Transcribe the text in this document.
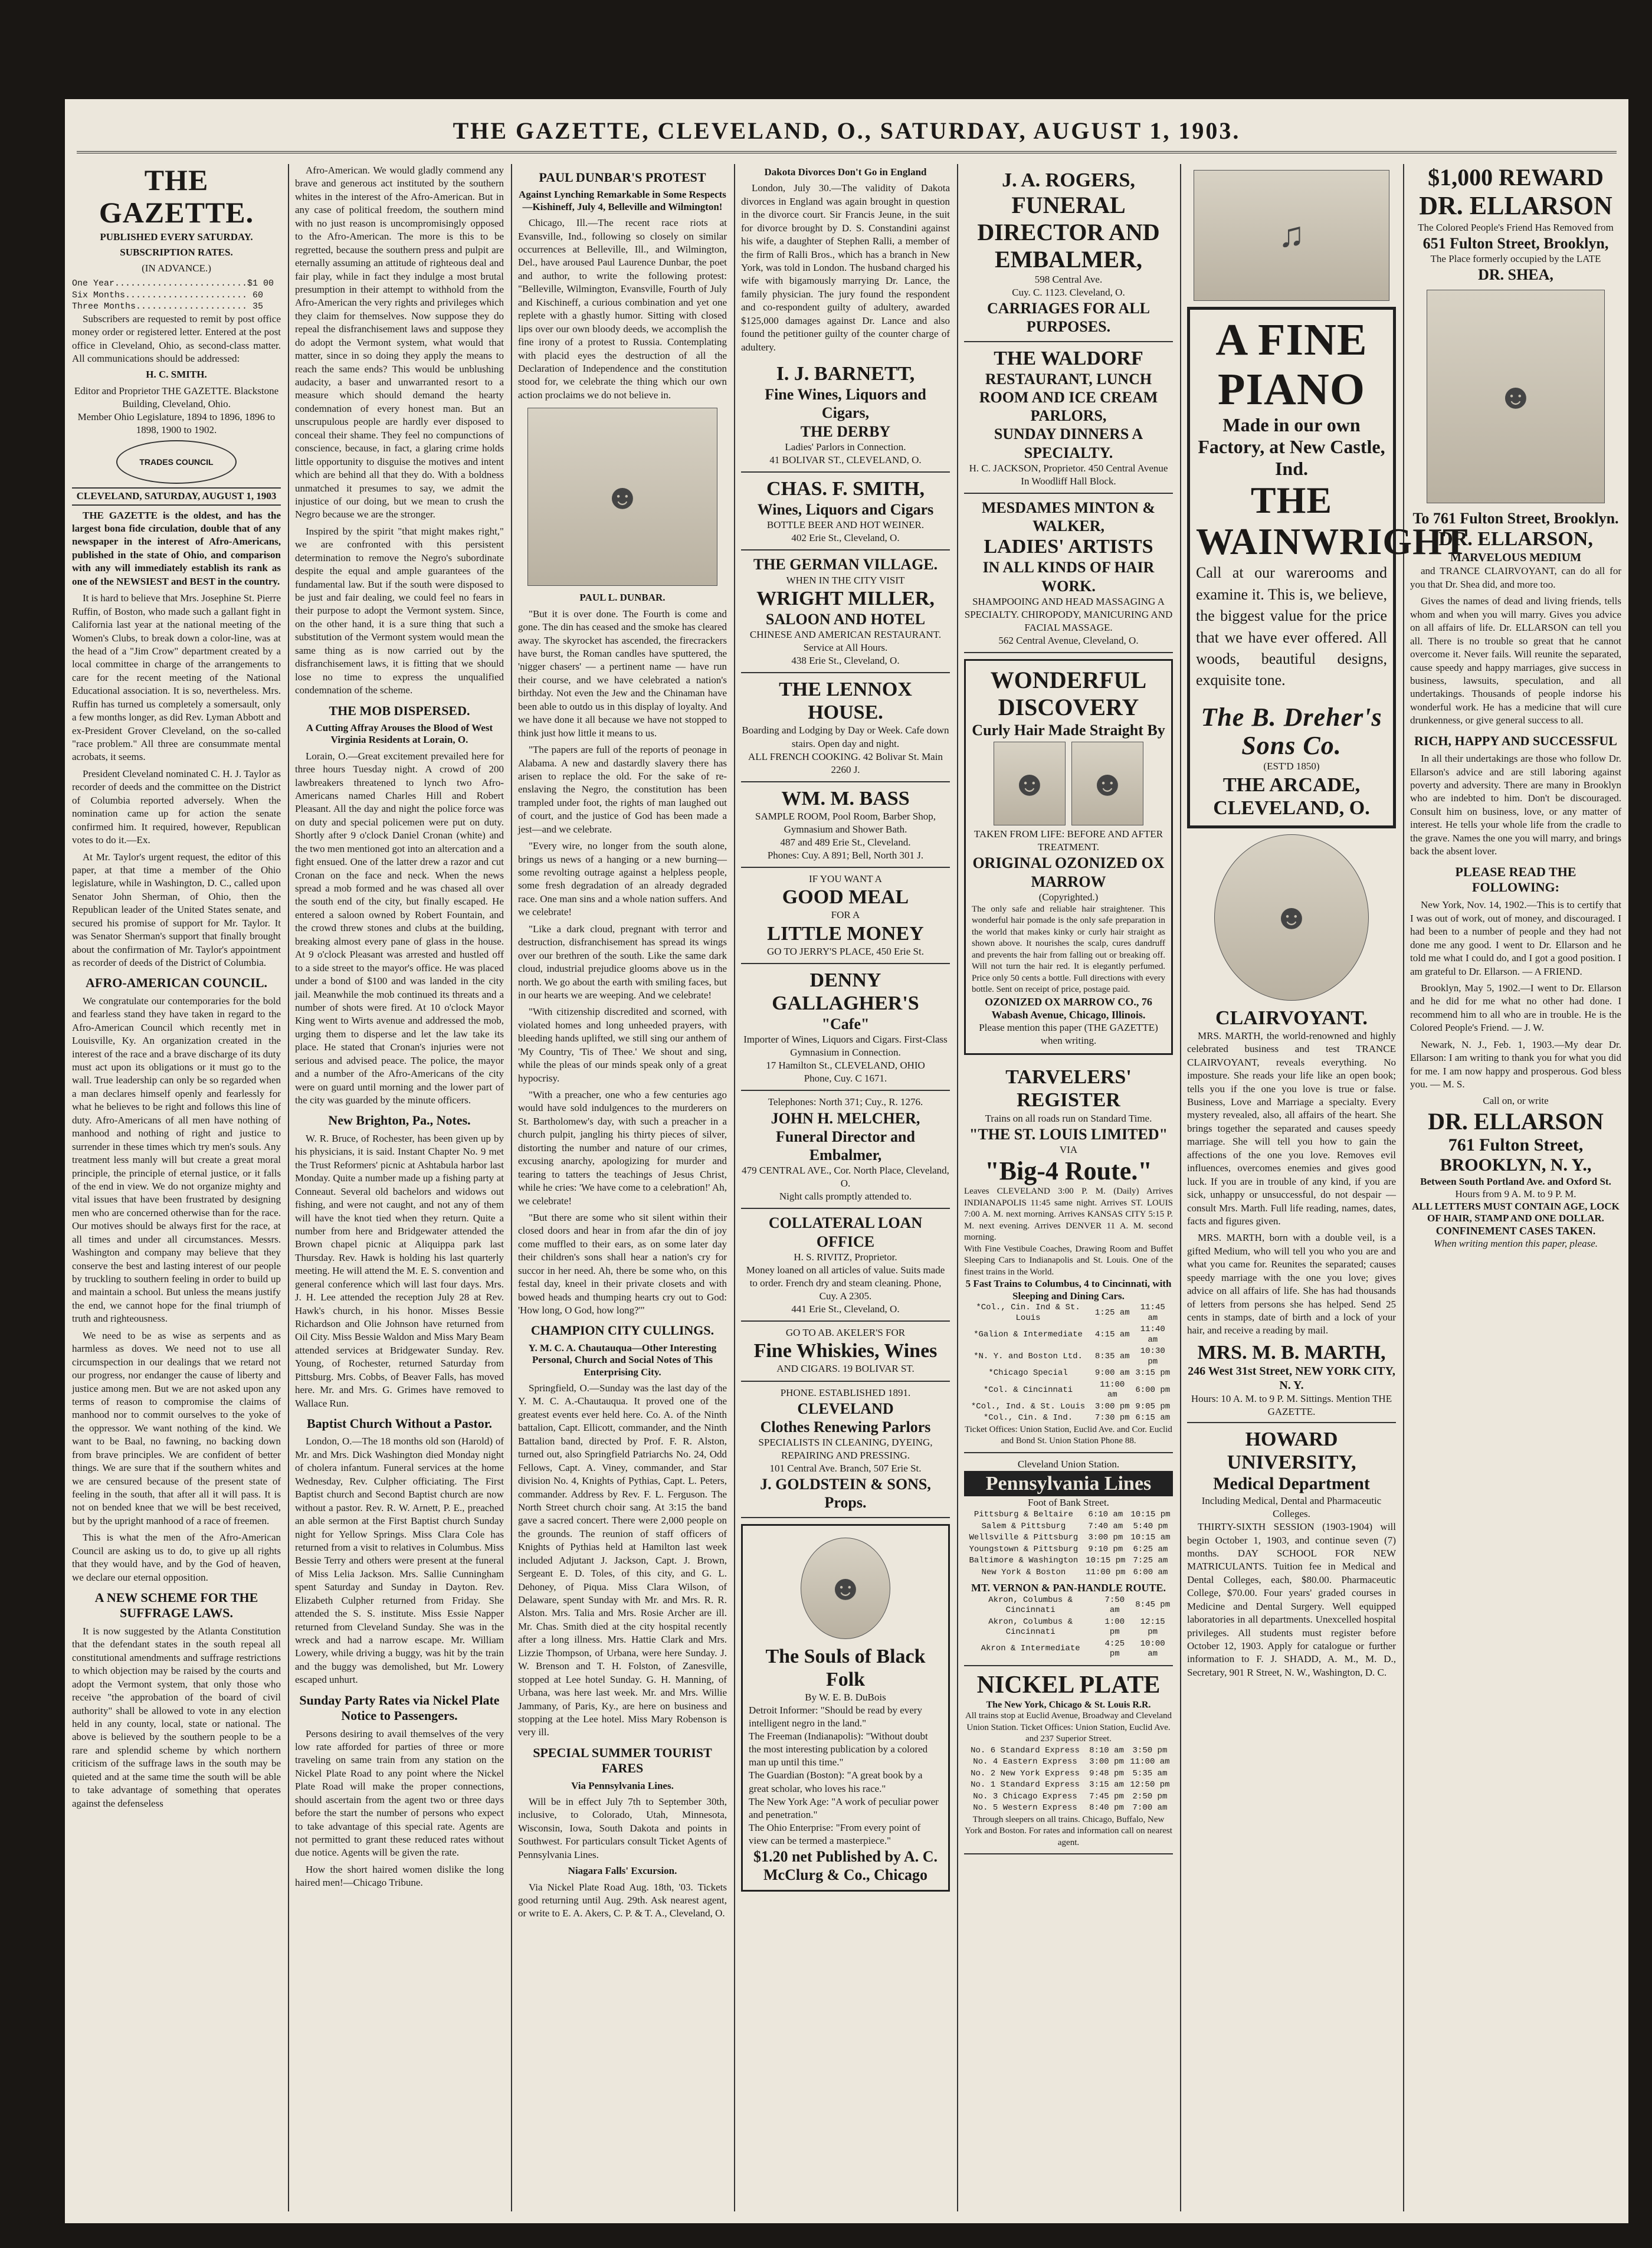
THE GAZETTE, CLEVELAND, O., SATURDAY, AUGUST 1, 1903.
THE GAZETTE.
PUBLISHED EVERY SATURDAY.
SUBSCRIPTION RATES.
(IN ADVANCE.)
One Year.........................$1 00
Six Months....................... 60
Three Months..................... 35

Subscribers are requested to remit by post office money order or registered letter. Entered at the post office in Cleveland, Ohio, as second-class matter. All communications should be addressed:

H. C. SMITH.
Editor and Proprietor THE GAZETTE. Blackstone Building, Cleveland, Ohio.
Member Ohio Legislature, 1894 to 1896, 1896 to 1898, 1900 to 1902.
TRADES COUNCIL
CLEVELAND, SATURDAY, AUGUST 1, 1903

THE GAZETTE is the oldest, and has the largest bona fide circulation, double that of any newspaper in the interest of Afro-Americans, published in the state of Ohio, and comparison with any will immediately establish its rank as one of the NEWSIEST and BEST in the country.

It is hard to believe that Mrs. Josephine St. Pierre Ruffin, of Boston, who made such a gallant fight in California last year at the national meeting of the Women's Clubs, to break down a color-line, was at the head of a "Jim Crow" department created by a local committee in charge of the arrangements to care for the recent meeting of the National Educational association. It is so, nevertheless. Mrs. Ruffin has turned us completely a somersault, only a few months longer, as did Rev. Lyman Abbott and ex-President Grover Cleveland, on the so-called "race problem." All three are consummate mental acrobats, it seems.

President Cleveland nominated C. H. J. Taylor as recorder of deeds and the committee on the District of Columbia reported adversely. When the nomination came up for action the senate confirmed him. It required, however, Republican votes to do it.—Ex.

At Mr. Taylor's urgent request, the editor of this paper, at that time a member of the Ohio legislature, while in Washington, D. C., called upon Senator John Sherman, of Ohio, then the Republican leader of the United States senate, and secured his promise of support for Mr. Taylor. It was Senator Sherman's support that finally brought about the confirmation of Mr. Taylor's appointment as recorder of deeds of the District of Columbia.

AFRO-AMERICAN COUNCIL.

We congratulate our contemporaries for the bold and fearless stand they have taken in regard to the Afro-American Council which recently met in Louisville, Ky. An organization created in the interest of the race and a brave discharge of its duty must act upon its obligations or it must go to the wall. True leadership can only be so regarded when a man declares himself openly and fearlessly for what he believes to be right and follows this line of duty. Afro-Americans of all men have nothing of manhood and nothing of right and justice to surrender in these times which try men's souls. Any treatment less manly will but create a great moral principle, the principle of eternal justice, or it falls of the end in view. We do not organize mighty and vital issues that have been frustrated by designing men who are concerned otherwise than for the race. Our motives should be always first for the race, at all times and under all circumstances. Messrs. Washington and company may believe that they conserve the best and lasting interest of our people by truckling to southern feeling in order to build up and maintain a school. But unless the means justify the end, we cannot hope for the final triumph of truth and righteousness.

We need to be as wise as serpents and as harmless as doves. We need not to use all circumspection in our dealings that we retard not our progress, nor endanger the cause of liberty and justice among men. But we are not asked upon any terms of reason to compromise the claims of manhood nor to commit ourselves to the yoke of the oppressor. We want nothing of the kind. We want to be Baal, no fawning, no backing down from brave principles. We are confident of better things. We are sure that if the southern whites and we are censured because of the present state of feeling in the south, that after all it will pass. It is not on bended knee that we will be best received, but by the upright manhood of a race of freemen.

This is what the men of the Afro-American Council are asking us to do, to give up all rights that they would have, and by the God of heaven, we declare our eternal opposition.

A NEW SCHEME FOR THE SUFFRAGE LAWS.

It is now suggested by the Atlanta Constitution that the defendant states in the south repeal all constitutional amendments and suffrage restrictions to which objection may be raised by the courts and adopt the Vermont system, that only those who receive "the approbation of the board of civil authority" shall be allowed to vote in any election held in any county, local, state or national. The above is believed by the southern people to be a rare and splendid scheme by which northern criticism of the suffrage laws in the south may be quieted and at the same time the south will be able to take advantage of something that operates against the defenseless

Afro-American. We would gladly commend any brave and generous act instituted by the southern whites in the interest of the Afro-American. But in any case of political freedom, the southern mind with no just reason is uncompromisingly opposed to the Afro-American. The more is this to be regretted, because the southern press and pulpit are eternally assuming an attitude of righteous deal and fair play, while in fact they indulge a most brutal presumption in their attempt to withhold from the Afro-American the very rights and privileges which they claim for themselves. Now suppose they do repeal the disfranchisement laws and suppose they do adopt the Vermont system, what would that matter, since in so doing they apply the means to reach the same ends? This would be unblushing audacity, a baser and unwarranted resort to a measure which should demand the hearty condemnation of every honest man. But an unscrupulous people are hardly ever disposed to conceal their shame. They feel no compunctions of conscience, because, in fact, a glaring crime holds little opportunity to disguise the motives and intent which are behind all that they do. With a boldness unmatched it presumes to say, we admit the injustice of our doing, but we mean to crush the Negro because we are the stronger.

Inspired by the spirit "that might makes right," we are confronted with this persistent determination to remove the Negro's subordinate despite the equal and ample guarantees of the fundamental law. But if the south were disposed to be just and fair dealing, we could feel no fears in their purpose to adopt the Vermont system. Since, on the other hand, it is a sure thing that such a substitution of the Vermont system would mean the same thing as is now carried out by the disfranchisement laws, it is fitting that we should lose no time to express the unqualified condemnation of the scheme.

THE MOB DISPERSED.
A Cutting Affray Arouses the Blood of West Virginia Residents at Lorain, O.

Lorain, O.—Great excitement prevailed here for three hours Tuesday night. A crowd of 200 lawbreakers threatened to lynch two Afro-Americans named Charles Hill and Robert Pleasant. All the day and night the police force was on duty and special policemen were put on duty. Shortly after 9 o'clock Daniel Cronan (white) and the two men mentioned got into an altercation and a fight ensued. One of the latter drew a razor and cut Cronan on the face and neck. When the news spread a mob formed and he was chased all over the south end of the city, but finally escaped. He entered a saloon owned by Robert Fountain, and the crowd threw stones and clubs at the building, breaking almost every pane of glass in the house. At 9 o'clock Pleasant was arrested and hustled off to a side street to the mayor's office. He was placed under a bond of $100 and was landed in the city jail. Meanwhile the mob continued its threats and a number of shots were fired. At 10 o'clock Mayor King went to Wirts avenue and addressed the mob, urging them to disperse and let the law take its place. He stated that Cronan's injuries were not serious and advised peace. The police, the mayor and a number of the Afro-Americans of the city were on guard until morning and the lower part of the city was guarded by the minute officers.

New Brighton, Pa., Notes.

W. R. Bruce, of Rochester, has been given up by his physicians, it is said. Instant Chapter No. 9 met the Trust Reformers' picnic at Ashtabula harbor last Monday. Quite a number made up a fishing party at Conneaut. Several old bachelors and widows out fishing, and were not caught, and not any of them will have the knot tied when they return. Quite a number from here and Bridgewater attended the Brown chapel picnic at Aliquippa park last Thursday. Rev. Hawk is holding his last quarterly meeting. He will attend the M. E. S. convention and general conference which will last four days. Mrs. J. H. Lee attended the reception July 28 at Rev. Hawk's church, in his honor. Misses Bessie Richardson and Olie Johnson have returned from Oil City. Miss Bessie Waldon and Miss Mary Beam attended services at Bridgewater Sunday. Rev. Young, of Rochester, returned Saturday from Pittsburg. Mrs. Cobbs, of Beaver Falls, has moved here. Mr. and Mrs. G. Grimes have removed to Wallace Run.

Baptist Church Without a Pastor.

London, O.—The 18 months old son (Harold) of Mr. and Mrs. Dick Washington died Monday night of cholera infantum. Funeral services at the home Wednesday, Rev. Culpher officiating. The First Baptist church and Second Baptist church are now without a pastor. Rev. R. W. Arnett, P. E., preached an able sermon at the First Baptist church Sunday night for Yellow Springs. Miss Clara Cole has returned from a visit to relatives in Columbus. Miss Bessie Terry and others were present at the funeral of Miss Lelia Jackson. Mrs. Sallie Cunningham spent Saturday and Sunday in Dayton. Rev. Elizabeth Culpher returned from Friday. She attended the S. S. institute. Miss Essie Napper returned from Cleveland Sunday. She was in the wreck and had a narrow escape. Mr. William Lowery, while driving a buggy, was hit by the train and the buggy was demolished, but Mr. Lowery escaped unhurt.

Sunday Party Rates via Nickel Plate Notice to Passengers.

Persons desiring to avail themselves of the very low rate afforded for parties of three or more traveling on same train from any station on the Nickel Plate Road to any point where the Nickel Plate Road will make the proper connections, should ascertain from the agent two or three days before the start the number of persons who expect to take advantage of this special rate. Agents are not permitted to grant these reduced rates without due notice. Agents will be given the rate.

How the short haired women dislike the long haired men!—Chicago Tribune.

PAUL DUNBAR'S PROTEST
Against Lynching Remarkable in Some Respects—Kishineff, July 4, Belleville and Wilmington!

Chicago, Ill.—The recent race riots at Evansville, Ind., following so closely on similar occurrences at Belleville, Ill., and Wilmington, Del., have aroused Paul Laurence Dunbar, the poet and author, to write the following protest: "Belleville, Wilmington, Evansville, Fourth of July and Kischineff, a curious combination and yet one replete with a ghastly humor. Sitting with closed lips over our own bloody deeds, we accomplish the fine irony of a protest to Russia. Contemplating with placid eyes the destruction of all the Declaration of Independence and the constitution stood for, we celebrate the thing which our own action proclaims we do not believe in.

☻
PAUL L. DUNBAR.

"But it is over done. The Fourth is come and gone. The din has ceased and the smoke has cleared away. The skyrocket has ascended, the firecrackers have burst, the Roman candles have sputtered, the 'nigger chasers' — a pertinent name — have run their course, and we have celebrated a nation's birthday. Not even the Jew and the Chinaman have been able to outdo us in this display of loyalty. And we have done it all because we have not stopped to think just how little it means to us.

"The papers are full of the reports of peonage in Alabama. A new and dastardly slavery there has arisen to replace the old. For the sake of re-enslaving the Negro, the constitution has been trampled under foot, the rights of man laughed out of court, and the justice of God has been made a jest—and we celebrate.

"Every wire, no longer from the south alone, brings us news of a hanging or a new burning—some revolting outrage against a helpless people, some fresh degradation of an already degraded race. One man sins and a whole nation suffers. And we celebrate!

"Like a dark cloud, pregnant with terror and destruction, disfranchisement has spread its wings over our brethren of the south. Like the same dark cloud, industrial prejudice glooms above us in the north. We go about the earth with smiling faces, but in our hearts we are weeping. And we celebrate!

"With citizenship discredited and scorned, with violated homes and long unheeded prayers, with bleeding hands uplifted, we still sing our anthem of 'My Country, 'Tis of Thee.' We shout and sing, while the pleas of our minds speak only of a great hypocrisy.

"With a preacher, one who a few centuries ago would have sold indulgences to the murderers on St. Bartholomew's day, with such a preacher in a church pulpit, jangling his thirty pieces of silver, distorting the number and nature of our crimes, excusing anarchy, apologizing for murder and tearing to tatters the teachings of Jesus Christ, while he cries: 'We have come to a celebration!' Ah, we celebrate!

"But there are some who sit silent within their closed doors and hear in from afar the din of joy come muffled to their ears, as on some later day their children's sons shall hear a nation's cry for succor in her need. Ah, there be some who, on this festal day, kneel in their private closets and with bowed heads and thumping hearts cry out to God: 'How long, O God, how long?'"

CHAMPION CITY CULLINGS.
Y. M. C. A. Chautauqua—Other Interesting Personal, Church and Social Notes of This Enterprising City.

Springfield, O.—Sunday was the last day of the Y. M. C. A.-Chautauqua. It proved one of the greatest events ever held here. Co. A. of the Ninth battalion, Capt. Ellicott, commander, and the Ninth Battalion band, directed by Prof. F. R. Alston, turned out, also Springfield Patriarchs No. 24, Odd Fellows, Capt. A. Viney, commander, and Star division No. 4, Knights of Pythias, Capt. L. Peters, commander. Address by Rev. F. L. Ferguson. The North Street church choir sang. At 3:15 the band gave a sacred concert. There were 2,000 people on the grounds. The reunion of staff officers of Knights of Pythias held at Hamilton last week included Adjutant J. Jackson, Capt. J. Brown, Sergeant E. D. Toles, of this city, and G. L. Dehoney, of Piqua. Miss Clara Wilson, of Delaware, spent Sunday with Mr. and Mrs. R. R. Alston. Mrs. Talia and Mrs. Rosie Archer are ill. Mr. Chas. Smith died at the city hospital recently after a long illness. Mrs. Hattie Clark and Mrs. Lizzie Thompson, of Urbana, were here Sunday. J. W. Brenson and T. H. Folston, of Zanesville, stopped at Lee hotel Sunday. G. H. Manning, of Urbana, was here last week. Mr. and Mrs. Willie Jammany, of Paris, Ky., are here on business and stopping at the Lee hotel. Miss Mary Robenson is very ill.

SPECIAL SUMMER TOURIST FARES
Via Pennsylvania Lines.

Will be in effect July 7th to September 30th, inclusive, to Colorado, Utah, Minnesota, Wisconsin, Iowa, South Dakota and points in Southwest. For particulars consult Ticket Agents of Pennsylvania Lines.

Niagara Falls' Excursion.

Via Nickel Plate Road Aug. 18th, '03. Tickets good returning until Aug. 29th. Ask nearest agent, or write to E. A. Akers, C. P. & T. A., Cleveland, O.

Dakota Divorces Don't Go in England

London, July 30.—The validity of Dakota divorces in England was again brought in question in the divorce court. Sir Francis Jeune, in the suit for divorce brought by D. S. Constandini against his wife, a daughter of Stephen Ralli, a member of the firm of Ralli Bros., which has a branch in New York, was told in London. The husband charged his wife with bigamously marrying Dr. Lance, the family physician. The jury found the respondent and co-respondent guilty of adultery, awarded $125,000 damages against Dr. Lance and also found the petitioner guilty of the counter charge of adultery.

I. J. BARNETT,
Fine Wines, Liquors and Cigars,
THE DERBY
Ladies' Parlors in Connection.
41 BOLIVAR ST., CLEVELAND, O.
CHAS. F. SMITH,
Wines, Liquors and Cigars
BOTTLE BEER AND HOT WEINER.
402 Erie St., Cleveland, O.
THE GERMAN VILLAGE.
WHEN IN THE CITY VISIT
WRIGHT MILLER,
SALOON AND HOTEL
CHINESE AND AMERICAN RESTAURANT. Service at All Hours.
438 Erie St., Cleveland, O.
THE LENNOX HOUSE.
Boarding and Lodging by Day or Week. Cafe down stairs. Open day and night.
ALL FRENCH COOKING. 42 Bolivar St. Main 2260 J.
WM. M. BASS
SAMPLE ROOM, Pool Room, Barber Shop, Gymnasium and Shower Bath.
487 and 489 Erie St., Cleveland.
Phones: Cuy. A 891; Bell, North 301 J.
IF YOU WANT A
GOOD MEAL
FOR A
LITTLE MONEY
GO TO JERRY'S PLACE, 450 Erie St.
DENNY GALLAGHER'S
"Cafe"
Importer of Wines, Liquors and Cigars. First-Class Gymnasium in Connection.
17 Hamilton St., CLEVELAND, OHIO
Phone, Cuy. C 1671.
Telephones: North 371; Cuy., R. 1276.
JOHN H. MELCHER,
Funeral Director and Embalmer,
479 CENTRAL AVE., Cor. North Place, Cleveland, O.
Night calls promptly attended to.
COLLATERAL LOAN OFFICE
H. S. RIVITZ, Proprietor.
Money loaned on all articles of value. Suits made to order. French dry and steam cleaning. Phone, Cuy. A 2305.
441 Erie St., Cleveland, O.
GO TO AB. AKELER'S FOR
Fine Whiskies, Wines
AND CIGARS. 19 BOLIVAR ST.
PHONE. ESTABLISHED 1891.
CLEVELAND
Clothes Renewing Parlors
SPECIALISTS IN CLEANING, DYEING, REPAIRING AND PRESSING.
101 Central Ave. Branch, 507 Erie St.
J. GOLDSTEIN & SONS, Props.
☻
The Souls of Black Folk
By W. E. B. DuBois
Detroit Informer: "Should be read by every intelligent negro in the land."
The Freeman (Indianapolis): "Without doubt the most interesting publication by a colored man up until this time."
The Guardian (Boston): "A great book by a great scholar, who loves his race."
The New York Age: "A work of peculiar power and penetration."
The Ohio Enterprise: "From every point of view can be termed a masterpiece."
$1.20 net Published by A. C. McClurg & Co., Chicago
J. A. ROGERS,
FUNERAL DIRECTOR AND EMBALMER,
598 Central Ave.
Cuy. C. 1123. Cleveland, O.
CARRIAGES FOR ALL PURPOSES.
THE WALDORF
RESTAURANT, LUNCH ROOM AND ICE CREAM PARLORS,
SUNDAY DINNERS A SPECIALTY.
H. C. JACKSON, Proprietor. 450 Central Avenue
In Woodliff Hall Block.
MESDAMES MINTON & WALKER,
LADIES' ARTISTS
IN ALL KINDS OF HAIR WORK.
SHAMPOOING AND HEAD MASSAGING A SPECIALTY. CHIROPODY, MANICURING AND FACIAL MASSAGE.
562 Central Avenue, Cleveland, O.
WONDERFUL DISCOVERY
Curly Hair Made Straight By
☻ ☻
TAKEN FROM LIFE: BEFORE AND AFTER TREATMENT.
ORIGINAL OZONIZED OX MARROW
(Copyrighted.)
The only safe and reliable hair straightener. This wonderful hair pomade is the only safe preparation in the world that makes kinky or curly hair straight as shown above. It nourishes the scalp, cures dandruff and prevents the hair from falling out or breaking off. Will not turn the hair red. It is elegantly perfumed. Price only 50 cents a bottle. Full directions with every bottle. Sent on receipt of price, postage paid.
OZONIZED OX MARROW CO., 76 Wabash Avenue, Chicago, Illinois.
Please mention this paper (THE GAZETTE) when writing.
TARVELERS' REGISTER
Trains on all roads run on Standard Time.
"THE ST. LOUIS LIMITED"
VIA
"Big-4 Route."
Leaves CLEVELAND 3:00 P. M. (Daily) Arrives INDIANAPOLIS 11:45 same night. Arrives ST. LOUIS 7:00 A. M. next morning. Arrives KANSAS CITY 5:15 P. M. next evening. Arrives DENVER 11 A. M. second morning.
With Fine Vestibule Coaches, Drawing Room and Buffet Sleeping Cars to Indianapolis and St. Louis. One of the finest trains in the World.
5 Fast Trains to Columbus, 4 to Cincinnati, with Sleeping and Dining Cars.
*Col., Cin. Ind & St. Louis	1:25 am	11:45 am
*Galion & Intermediate	4:15 am	11:40 am
*N. Y. and Boston Ltd.	8:35 am	10:30 pm
*Chicago Special	9:00 am	3:15 pm
*Col. & Cincinnati	11:00 am	6:00 pm
*Col., Ind. & St. Louis	3:00 pm	9:05 pm
*Col., Cin. & Ind.	7:30 pm	6:15 am
Ticket Offices: Union Station, Euclid Ave. and Cor. Euclid and Bond St. Union Station Phone 88.
Cleveland Union Station.
Pennsylvania Lines
Foot of Bank Street.
Pittsburg & Beltaire	6:10 am	10:15 pm
Salem & Pittsburg	7:40 am	5:40 pm
Wellsville & Pittsburg	3:00 pm	10:15 am
Youngstown & Pittsburg	9:10 pm	6:25 am
Baltimore & Washington	10:15 pm	7:25 am
New York & Boston	11:00 pm	6:00 am
MT. VERNON & PAN-HANDLE ROUTE.
Akron, Columbus & Cincinnati	7:50 am	8:45 pm
Akron, Columbus & Cincinnati	1:00 pm	12:15 pm
Akron & Intermediate	4:25 pm	10:00 am
NICKEL PLATE
The New York, Chicago & St. Louis R.R.
All trains stop at Euclid Avenue, Broadway and Cleveland Union Station. Ticket Offices: Union Station, Euclid Ave. and 237 Superior Street.
No. 6 Standard Express	8:10 am	3:50 pm
No. 4 Eastern Express	3:00 pm	11:00 am
No. 2 New York Express	9:48 pm	5:35 am
No. 1 Standard Express	3:15 am	12:50 pm
No. 3 Chicago Express	7:45 pm	2:50 pm
No. 5 Western Express	8:40 pm	7:00 am
Through sleepers on all trains. Chicago, Buffalo, New York and Boston. For rates and information call on nearest agent.
♫
A FINE PIANO
Made in our own Factory, at New Castle, Ind.
THE WAINWRIGHT
Call at our warerooms and examine it. This is, we believe, the biggest value for the price that we have ever offered. All woods, beautiful designs, exquisite tone.
The B. Dreher's Sons Co.
(EST'D 1850)
THE ARCADE, CLEVELAND, O.
☻
CLAIRVOYANT.

MRS. MARTH, the world-renowned and highly celebrated business and test TRANCE CLAIRVOYANT, reveals everything. No imposture. She reads your life like an open book; tells you if the one you love is true or false. Business, Love and Marriage a specialty. Every mystery revealed, also, all affairs of the heart. She brings together the separated and causes speedy marriage. She will tell you how to gain the affections of the one you love. Removes evil influences, overcomes enemies and gives good luck. If you are in trouble of any kind, if you are sick, unhappy or unsuccessful, do not despair — consult Mrs. Marth. Full life reading, names, dates, facts and figures given.

MRS. MARTH, born with a double veil, is a gifted Medium, who will tell you who you are and what you came for. Reunites the separated; causes speedy marriage with the one you love; gives advice on all affairs of life. She has had thousands of letters from persons she has helped. Send 25 cents in stamps, date of birth and a lock of your hair, and receive a reading by mail.

MRS. M. B. MARTH,
246 West 31st Street, NEW YORK CITY, N. Y.
Hours: 10 A. M. to 9 P. M. Sittings. Mention THE GAZETTE.
HOWARD UNIVERSITY,
Medical Department
Including Medical, Dental and Pharmaceutic Colleges.

THIRTY-SIXTH SESSION (1903-1904) will begin October 1, 1903, and continue seven (7) months. DAY SCHOOL FOR NEW MATRICULANTS. Tuition fee in Medical and Dental Colleges, each, $80.00. Pharmaceutic College, $70.00. Four years' graded courses in Medicine and Dental Surgery. Well equipped laboratories in all departments. Unexcelled hospital privileges. All students must register before October 12, 1903. Apply for catalogue or further information to F. J. SHADD, A. M., M. D., Secretary, 901 R Street, N. W., Washington, D. C.

$1,000 REWARD
DR. ELLARSON
The Colored People's Friend Has Removed from
651 Fulton Street, Brooklyn,
The Place formerly occupied by the LATE
DR. SHEA,
☻
To 761 Fulton Street, Brooklyn.
DR. ELLARSON,
MARVELOUS MEDIUM

and TRANCE CLAIRVOYANT, can do all for you that Dr. Shea did, and more too.

Gives the names of dead and living friends, tells whom and when you will marry. Gives you advice on all affairs of life. Dr. ELLARSON can tell you all. There is no trouble so great that he cannot overcome it. Never fails. Will reunite the separated, cause speedy and happy marriages, give success in business, lawsuits, speculation, and all undertakings. Thousands of people indorse his wonderful work. He has a medicine that will cure drunkenness, or give general success to all.

RICH, HAPPY AND SUCCESSFUL

In all their undertakings are those who follow Dr. Ellarson's advice and are still laboring against poverty and adversity. There are many in Brooklyn who are indebted to him. Don't be discouraged. Consult him on business, love, or any matter of interest. He tells your whole life from the cradle to the grave. Names the one you will marry, and brings back the absent lover.

PLEASE READ THE FOLLOWING:

New York, Nov. 14, 1902.—This is to certify that I was out of work, out of money, and discouraged. I had been to a number of people and they had not done me any good. I went to Dr. Ellarson and he told me what I could do, and I got a good position. I am grateful to Dr. Ellarson. — A FRIEND.

Brooklyn, May 5, 1902.—I went to Dr. Ellarson and he did for me what no other had done. I recommend him to all who are in trouble. He is the Colored People's Friend. — J. W.

Newark, N. J., Feb. 1, 1903.—My dear Dr. Ellarson: I am writing to thank you for what you did for me. I am now happy and prosperous. God bless you. — M. S.

Call on, or write
DR. ELLARSON
761 Fulton Street,
BROOKLYN, N. Y.,
Between South Portland Ave. and Oxford St.
Hours from 9 A. M. to 9 P. M.
ALL LETTERS MUST CONTAIN AGE, LOCK OF HAIR, STAMP AND ONE DOLLAR.
CONFINEMENT CASES TAKEN.
When writing mention this paper, please.
